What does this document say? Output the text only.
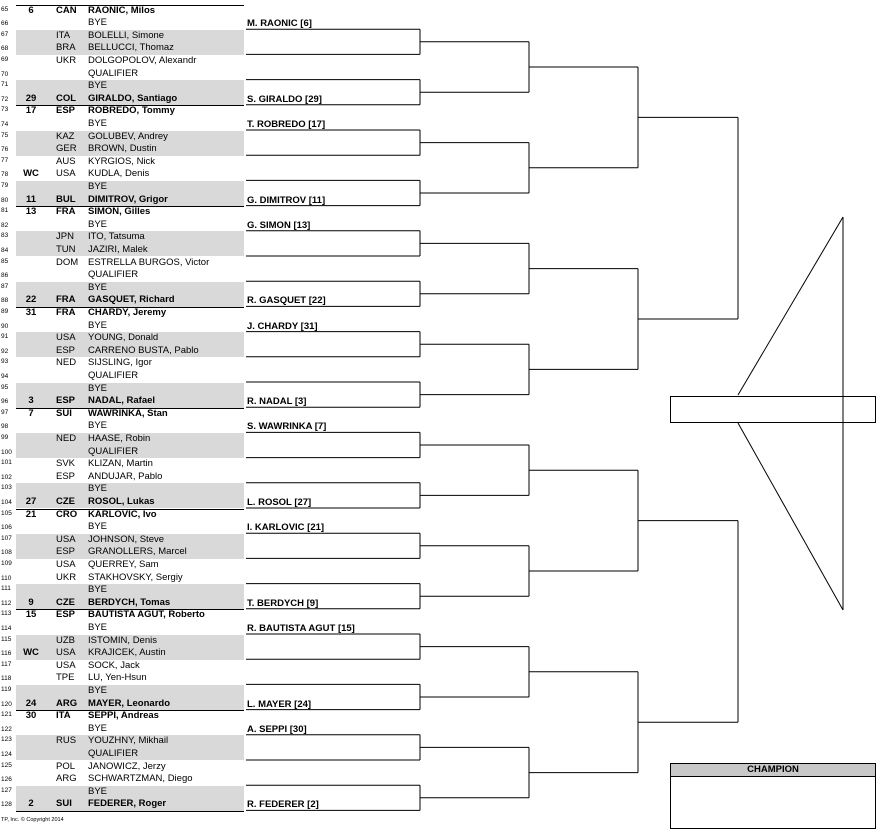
65	6	CAN	RAONIC, Milos
66	BYE
67	ITA	BOLELLI, Simone
68	BRA	BELLUCCI, Thomaz
69	UKR	DOLGOPOLOV, Alexandr
70	QUALIFIER
71	BYE
72	29	COL	GIRALDO, Santiago
73	17	ESP	ROBREDO, Tommy
74	BYE
75	KAZ	GOLUBEV, Andrey
76	GER	BROWN, Dustin
77	AUS	KYRGIOS, Nick
78	WC USA	KUDLA, Denis
79	BYE
80	11	BUL	DIMITROV, Grigor
81	13	FRA	SIMON, Gilles
82	BYE
83	JPN	ITO, Tatsuma
84	TUN	JAZIRI, Malek
85	DOM	ESTRELLA BURGOS, Victor
86	QUALIFIER
87	BYE
88	22	FRA	GASQUET, Richard
89	31	FRA	CHARDY, Jeremy
90	BYE
91	USA	YOUNG, Donald
92	ESP	CARRENO BUSTA, Pablo
93	NED	SIJSLING, Igor
94	QUALIFIER
95	BYE
96	3	ESP	NADAL, Rafael
97	7	SUI	WAWRINKA, Stan
98	BYE
99	NED	HAASE, Robin
100	QUALIFIER
101	SVK	KLIZAN, Martin
102	ESP	ANDUJAR, Pablo
103	BYE
104	27	CZE	ROSOL, Lukas
105	21	CRO	KARLOVIC, Ivo
106	BYE
107	USA	JOHNSON, Steve
108	ESP	GRANOLLERS, Marcel
109	USA	QUERREY, Sam
110	UKR	STAKHOVSKY, Sergiy
111	BYE
112	9	CZE	BERDYCH, Tomas
113	15	ESP	BAUTISTA AGUT, Roberto
114	BYE
115	UZB	ISTOMIN, Denis
116	WC USA	KRAJICEK, Austin
117	USA	SOCK, Jack
118	TPE	LU, Yen-Hsun
119	BYE
120	24	ARG	MAYER, Leonardo
121	30	ITA	SEPPI, Andreas
122	BYE
123	RUS	YOUZHNY, Mikhail
124	QUALIFIER
125	POL	JANOWICZ, Jerzy
126	ARG	SCHWARTZMAN, Diego
127	BYE
128	2	SUI	FEDERER, Roger
M. RAONIC [6]
S. GIRALDO [29]
T. ROBREDO [17]
G. DIMITROV [11]
G. SIMON [13]
R. GASQUET [22]
J. CHARDY [31]
R. NADAL [3]
S. WAWRINKA [7]
L. ROSOL [27]
I. KARLOVIC [21]
T. BERDYCH [9]
R. BAUTISTA AGUT [15]
L. MAYER [24]
A. SEPPI [30]
R. FEDERER [2]
CHAMPION
TP, Inc. © Copyright 2014
